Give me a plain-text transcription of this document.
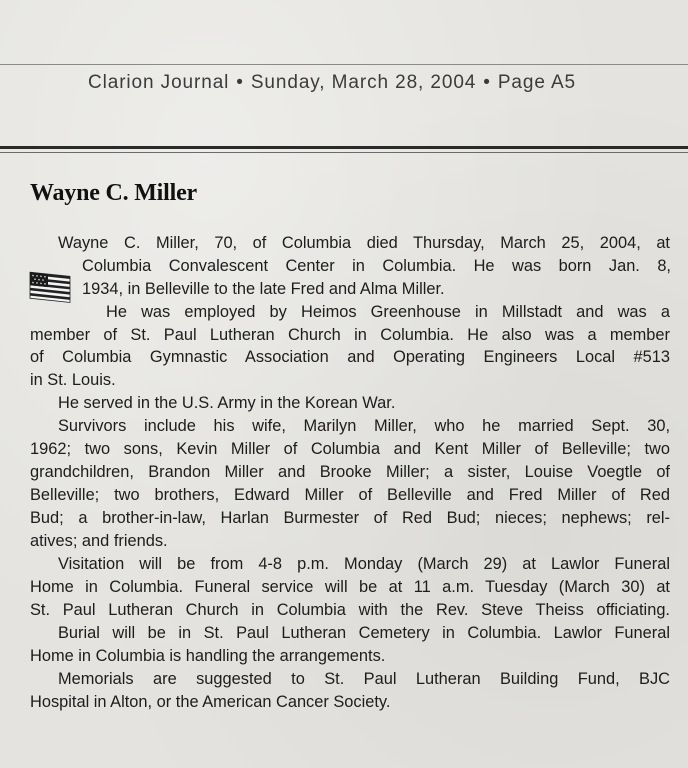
Clarion Journal • Sunday, March 28, 2004 • Page A5
Wayne C. Miller
Wayne C. Miller, 70, of Columbia died Thursday, March 25, 2004, at
Columbia Convalescent Center in Columbia. He was born Jan. 8,
1934, in Belleville to the late Fred and Alma Miller.
He was employed by Heimos Greenhouse in Millstadt and was a
member of St. Paul Lutheran Church in Columbia. He also was a member
of Columbia Gymnastic Association and Operating Engineers Local #513
in St. Louis.
He served in the U.S. Army in the Korean War.
Survivors include his wife, Marilyn Miller, who he married Sept. 30,
1962; two sons, Kevin Miller of Columbia and Kent Miller of Belleville; two
grandchildren, Brandon Miller and Brooke Miller; a sister, Louise Voegtle of
Belleville; two brothers, Edward Miller of Belleville and Fred Miller of Red
Bud; a brother-in-law, Harlan Burmester of Red Bud; nieces; nephews; rel-
atives; and friends.
Visitation will be from 4-8 p.m. Monday (March 29) at Lawlor Funeral
Home in Columbia. Funeral service will be at 11 a.m. Tuesday (March 30) at
St. Paul Lutheran Church in Columbia with the Rev. Steve Theiss officiating.
Burial will be in St. Paul Lutheran Cemetery in Columbia. Lawlor Funeral
Home in Columbia is handling the arrangements.
Memorials are suggested to St. Paul Lutheran Building Fund, BJC
Hospital in Alton, or the American Cancer Society.
